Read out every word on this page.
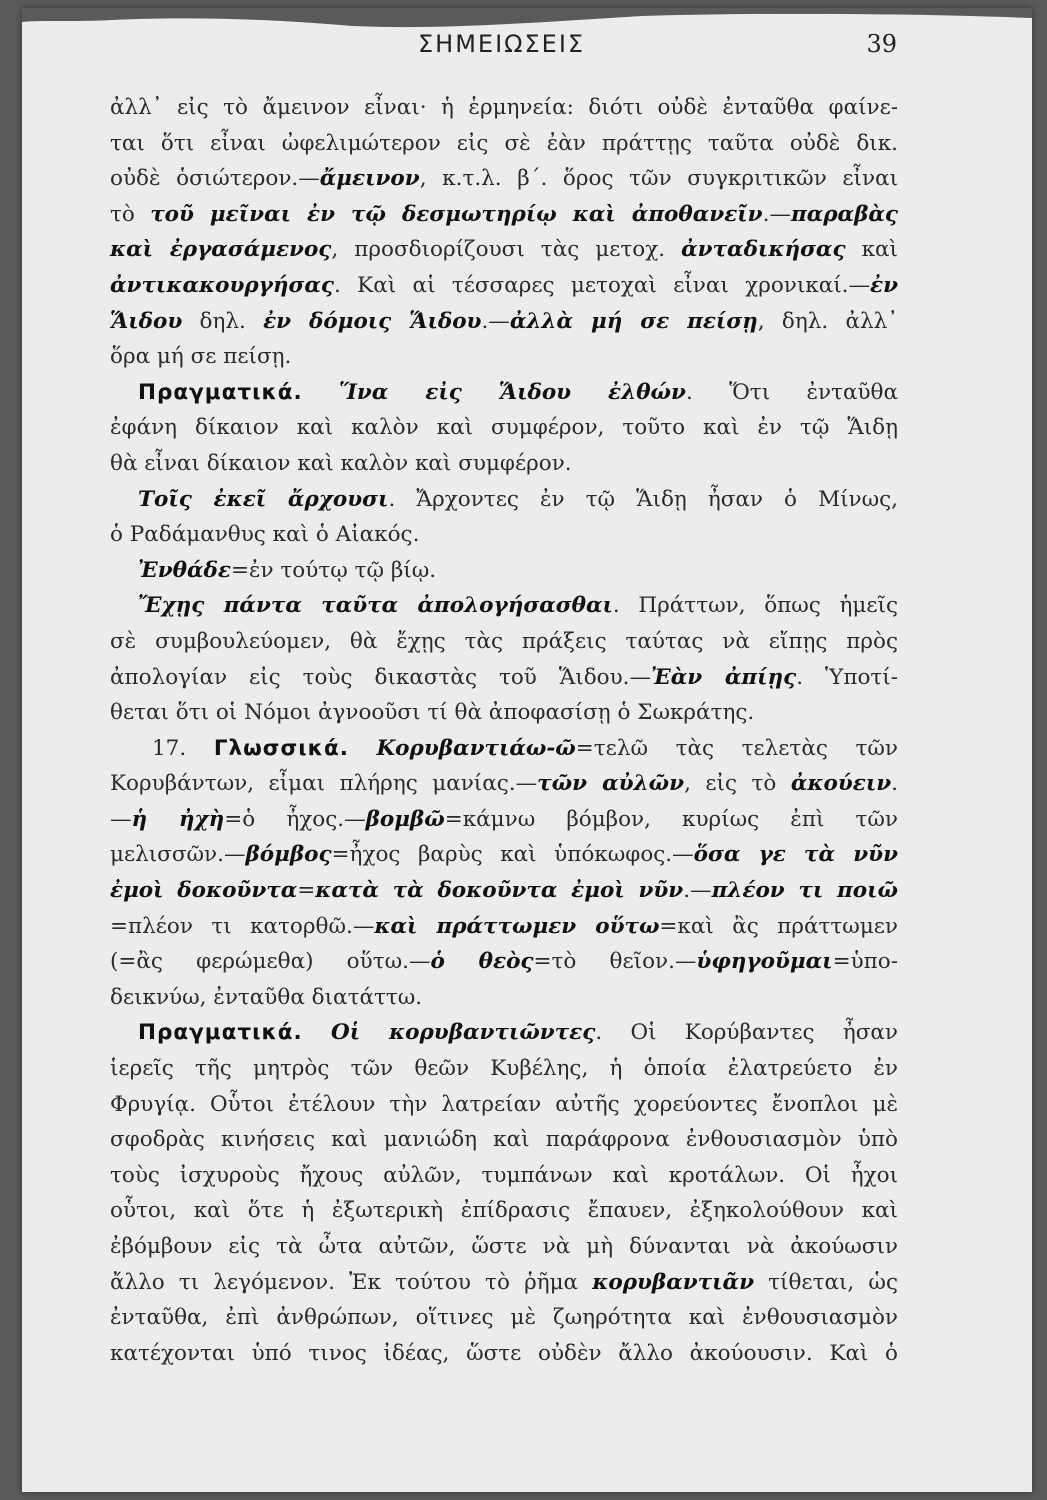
ΣΗΜΕΙΩΣΕΙΣ	39
ἀλλ᾽ εἰς τὸ ἄμεινον εἶναι· ἡ ἑρμηνεία: διότι οὐδὲ ἐνταῦθα φαίνε-
ται ὅτι εἶναι ὠφελιμώτερον εἰς σὲ ἐὰν πράττῃς ταῦτα οὐδὲ δικ.
οὐδὲ ὁσιώτερον.—ἄμεινον, κ.τ.λ. β΄. ὅρος τῶν συγκριτικῶν εἶναι
τὸ τοῦ μεῖναι ἐν τῷ δεσμωτηρίῳ καὶ ἀποθανεῖν.—παραβὰς
καὶ ἐργασάμενος, προσδιορίζουσι τὰς μετοχ. ἀνταδικήσας καὶ
ἀντικακουργήσας. Καὶ αἱ τέσσαρες μετοχαὶ εἶναι χρονικαί.—ἐν
Ἅιδου δηλ. ἐν δόμοις Ἅιδου.—ἀλλὰ μή σε πείσῃ, δηλ. ἀλλ᾽
ὅρα μή σε πείσῃ.
Πραγματικά. Ἵνα εἰς Ἅιδου ἐλθών. Ὅτι ἐνταῦθα
ἐφάνη δίκαιον καὶ καλὸν καὶ συμφέρον, τοῦτο καὶ ἐν τῷ Ἅιδῃ
θὰ εἶναι δίκαιον καὶ καλὸν καὶ συμφέρον.
Τοῖς ἐκεῖ ἄρχουσι. Ἄρχοντες ἐν τῷ Ἅιδῃ ἦσαν ὁ Μίνως,
ὁ Ραδάμανθυς καὶ ὁ Αἰακός.
Ἐνθάδε=ἐν τούτῳ τῷ βίῳ.
Ἔχῃς πάντα ταῦτα ἀπολογήσασθαι. Πράττων, ὅπως ἡμεῖς
σὲ συμβουλεύομεν, θὰ ἔχῃς τὰς πράξεις ταύτας νὰ εἴπῃς πρὸς
ἀπολογίαν εἰς τοὺς δικαστὰς τοῦ Ἅιδου.—Ἐὰν ἀπίῃς. Ὑποτί-
θεται ὅτι οἱ Νόμοι ἀγνοοῦσι τί θὰ ἀποφασίσῃ ὁ Σωκράτης.
17. Γλωσσικά. Κορυβαντιάω-ῶ=τελῶ τὰς τελετὰς τῶν
Κορυβάντων, εἶμαι πλήρης μανίας.—τῶν αὐλῶν, εἰς τὸ ἀκούειν.
—ἡ ἠχὴ=ὁ ἦχος.—βομβῶ=κάμνω βόμβον, κυρίως ἐπὶ τῶν
μελισσῶν.—βόμβος=ἦχος βαρὺς καὶ ὑπόκωφος.—ὅσα γε τὰ νῦν
ἐμοὶ δοκοῦντα=κατὰ τὰ δοκοῦντα ἐμοὶ νῦν.—πλέον τι ποιῶ
=πλέον τι κατορθῶ.—καὶ πράττωμεν οὕτω=καὶ ἂς πράττωμεν
(=ἂς φερώμεθα) οὕτω.—ὁ θεὸς=τὸ θεῖον.—ὑφηγοῦμαι=ὑπο-
δεικνύω, ἐνταῦθα διατάττω.
Πραγματικά. Οἱ κορυβαντιῶντες. Οἱ Κορύβαντες ἦσαν
ἱερεῖς τῆς μητρὸς τῶν θεῶν Κυβέλης, ἡ ὁποία ἐλατρεύετο ἐν
Φρυγίᾳ. Οὗτοι ἐτέλουν τὴν λατρείαν αὐτῆς χορεύοντες ἔνοπλοι μὲ
σφοδρὰς κινήσεις καὶ μανιώδη καὶ παράφρονα ἐνθουσιασμὸν ὑπὸ
τοὺς ἰσχυροὺς ἤχους αὐλῶν, τυμπάνων καὶ κροτάλων. Οἱ ἦχοι
οὗτοι, καὶ ὅτε ἡ ἐξωτερικὴ ἐπίδρασις ἔπαυεν, ἐξηκολούθουν καὶ
ἐβόμβουν εἰς τὰ ὦτα αὐτῶν, ὥστε νὰ μὴ δύνανται νὰ ἀκούωσιν
ἄλλο τι λεγόμενον. Ἐκ τούτου τὸ ῥῆμα κορυβαντιᾶν τίθεται, ὡς
ἐνταῦθα, ἐπὶ ἀνθρώπων, οἵτινες μὲ ζωηρότητα καὶ ἐνθουσιασμὸν
κατέχονται ὑπό τινος ἰδέας, ὥστε οὐδὲν ἄλλο ἀκούουσιν. Καὶ ὁ
